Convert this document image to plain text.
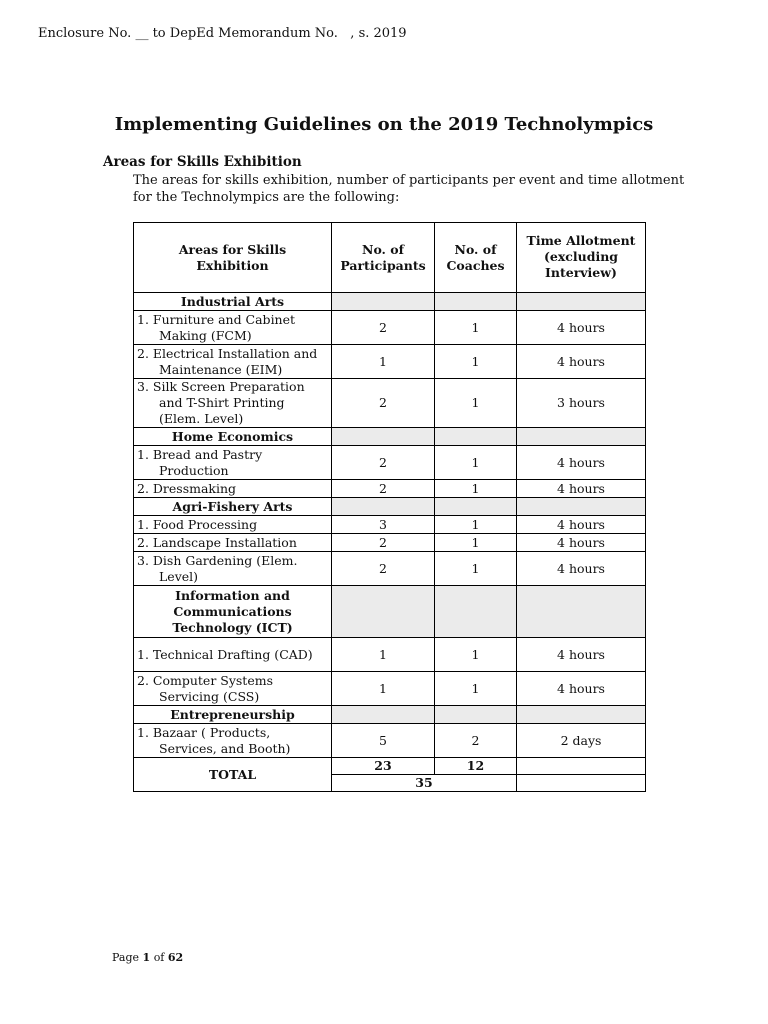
Enclosure No. __ to DepEd Memorandum No.   , s. 2019
Implementing Guidelines on the 2019 Technolympics
Areas for Skills Exhibition
The areas for skills exhibition, number of participants per event and time allotment for the Technolympics are the following:
Areas for Skills Exhibition	No. of Participants	No. of Coaches	Time Allotment (excluding Interview)
Industrial Arts			
1. Furniture and Cabinet Making (FCM)	2	1	4 hours
2. Electrical Installation and Maintenance (EIM)	1	1	4 hours
3. Silk Screen Preparation and T-Shirt Printing (Elem. Level)	2	1	3 hours
Home Economics			
1. Bread and Pastry Production	2	1	4 hours
2. Dressmaking	2	1	4 hours
Agri-Fishery Arts			
1. Food Processing	3	1	4 hours
2. Landscape Installation	2	1	4 hours
3. Dish Gardening (Elem. Level)	2	1	4 hours
Information and Communications Technology (ICT)			
1. Technical Drafting (CAD)	1	1	4 hours
2. Computer Systems Servicing (CSS)	1	1	4 hours
Entrepreneurship			
1. Bazaar ( Products, Services, and Booth)	5	2	2 days
TOTAL	23	12	
	35		
Page 1 of 62
